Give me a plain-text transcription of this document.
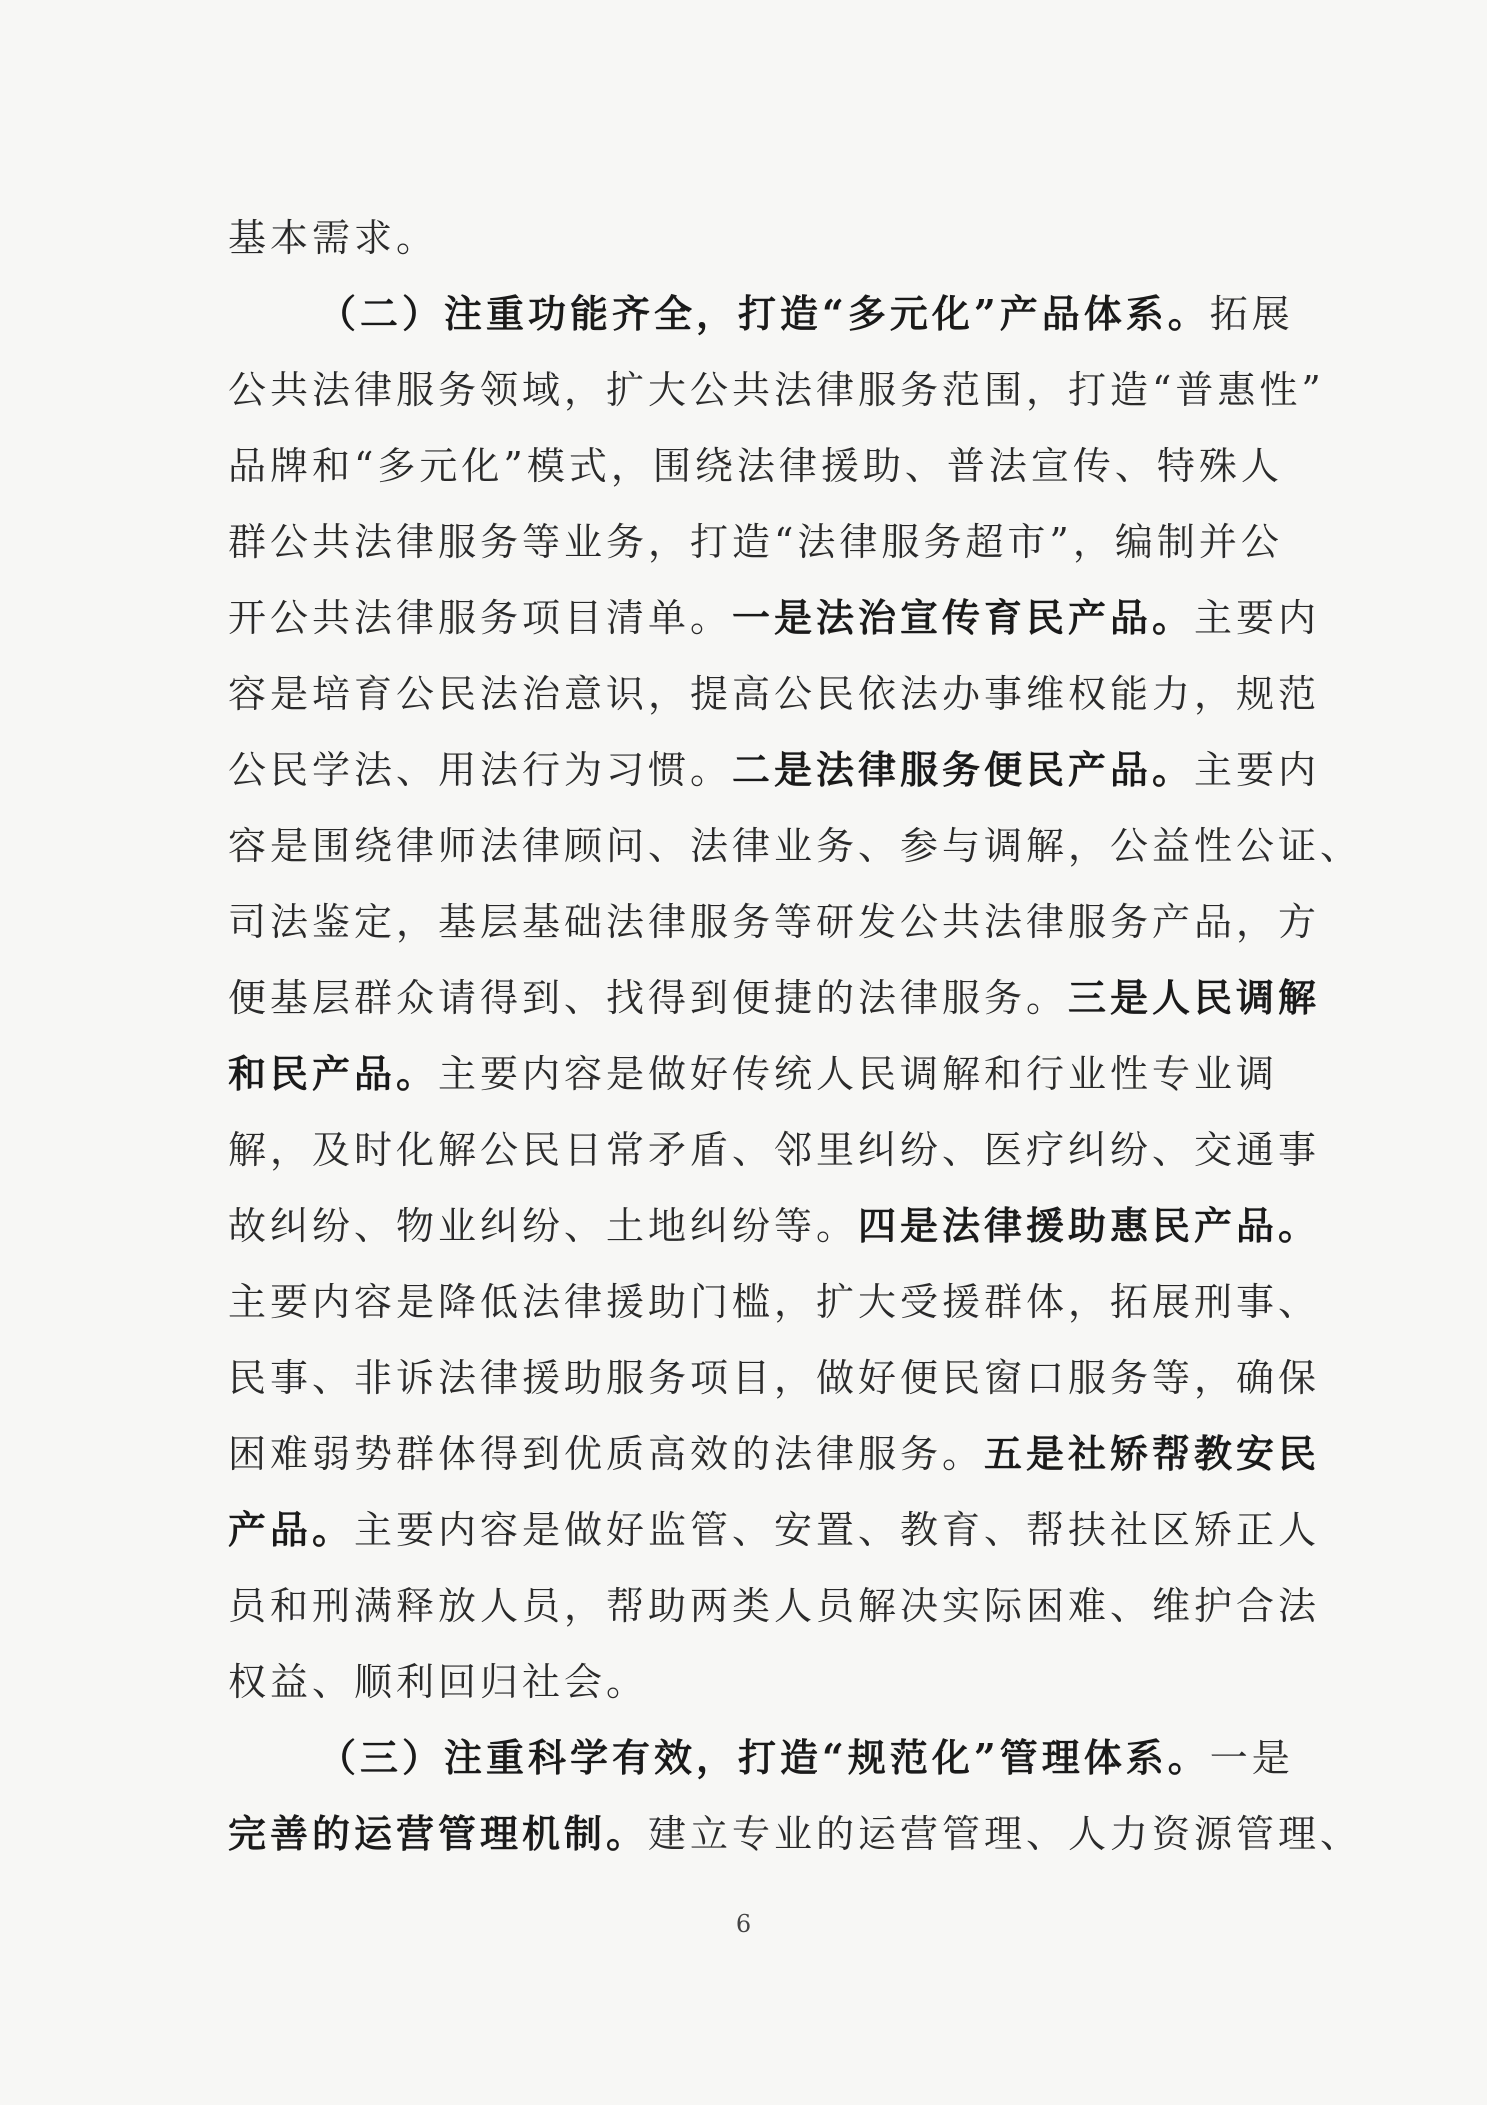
基本需求。
（二）注重功能齐全，打造“多元化”产品体系。拓展
公共法律服务领域，扩大公共法律服务范围，打造“普惠性”
品牌和“多元化”模式，围绕法律援助、普法宣传、特殊人
群公共法律服务等业务，打造“法律服务超市”，编制并公
开公共法律服务项目清单。一是法治宣传育民产品。主要内
容是培育公民法治意识，提高公民依法办事维权能力，规范
公民学法、用法行为习惯。二是法律服务便民产品。主要内
容是围绕律师法律顾问、法律业务、参与调解，公益性公证、
司法鉴定，基层基础法律服务等研发公共法律服务产品，方
便基层群众请得到、找得到便捷的法律服务。三是人民调解
和民产品。主要内容是做好传统人民调解和行业性专业调
解，及时化解公民日常矛盾、邻里纠纷、医疗纠纷、交通事
故纠纷、物业纠纷、土地纠纷等。四是法律援助惠民产品。
主要内容是降低法律援助门槛，扩大受援群体，拓展刑事、
民事、非诉法律援助服务项目，做好便民窗口服务等，确保
困难弱势群体得到优质高效的法律服务。五是社矫帮教安民
产品。主要内容是做好监管、安置、教育、帮扶社区矫正人
员和刑满释放人员，帮助两类人员解决实际困难、维护合法
权益、顺利回归社会。
（三）注重科学有效，打造“规范化”管理体系。一是
完善的运营管理机制。建立专业的运营管理、人力资源管理、
6
